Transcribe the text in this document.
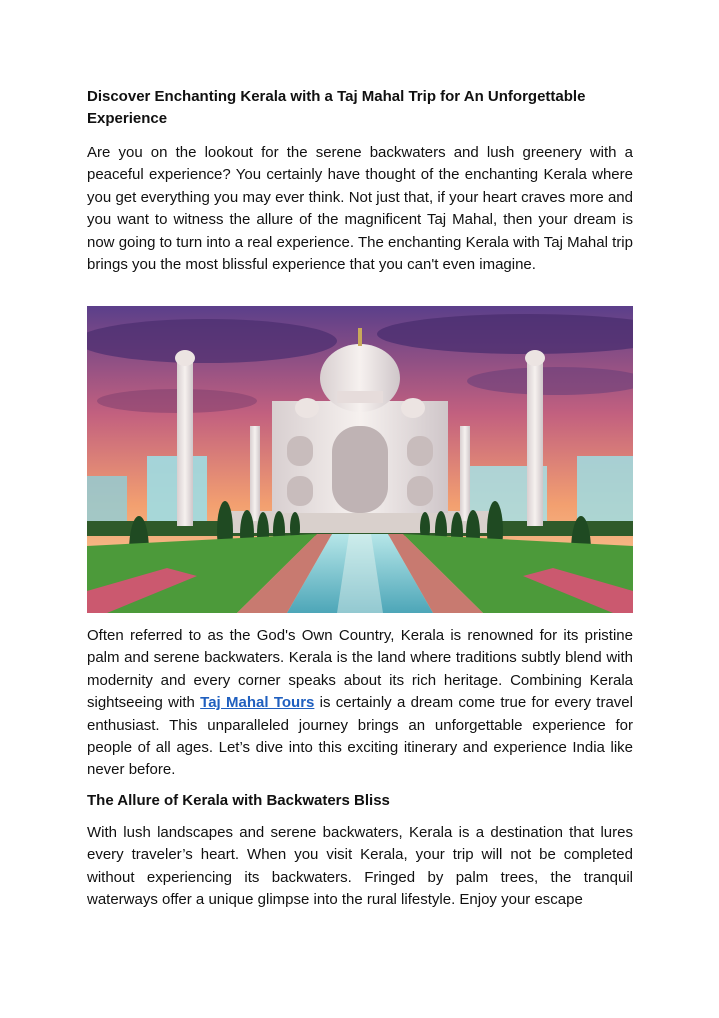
Discover Enchanting Kerala with a Taj Mahal Trip for An Unforgettable Experience

Are you on the lookout for the serene backwaters and lush greenery with a peaceful experience? You certainly have thought of the enchanting Kerala where you get everything you may ever think. Not just that, if your heart craves more and you want to witness the allure of the magnificent Taj Mahal, then your dream is now going to turn into a real experience. The enchanting Kerala with Taj Mahal trip brings you the most blissful experience that you can't even imagine.

Often referred to as the God's Own Country, Kerala is renowned for its pristine palm and serene backwaters. Kerala is the land where traditions subtly blend with modernity and every corner speaks about its rich heritage. Combining Kerala sightseeing with Taj Mahal Tours is certainly a dream come true for every travel enthusiast. This unparalleled journey brings an unforgettable experience for people of all ages. Let’s dive into this exciting itinerary and experience India like never before.

The Allure of Kerala with Backwaters Bliss

With lush landscapes and serene backwaters, Kerala is a destination that lures every traveler’s heart. When you visit Kerala, your trip will not be completed without experiencing its backwaters. Fringed by palm trees, the tranquil waterways offer a unique glimpse into the rural lifestyle. Enjoy your escape
